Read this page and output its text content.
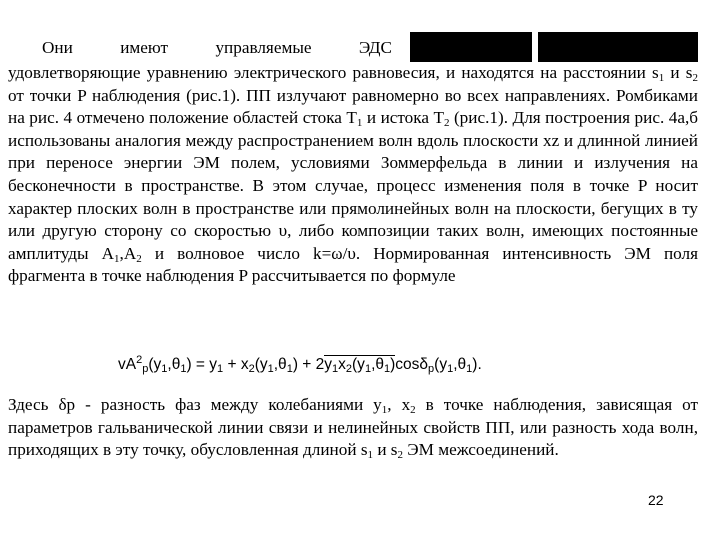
Они имеют управляемые ЭДС удовлетворяющие уравнению электрического равновесия, и находятся на расстоянии $s_1$ и $s_2$ от точки P наблюдения (рис.1). ПП излучают равномерно во всех направлениях. Ромбиками на рис. 4 отмечено положение областей стока $Т_1$ и истока $Т_2$ (рис.1). Для построения рис. 4а,б использованы аналогия между распространением волн вдоль плоскости xz и длинной линией при переносе энергии ЭМ полем, условиями Зоммерфельда в линии и излучения на бесконечности в пространстве. В этом случае, процесс изменения поля в точке P носит характер плоских волн в пространстве или прямолинейных волн на плоскости, бегущих в ту или другую сторону со скоростью υ, либо композиции таких волн, имеющих постоянные амплитуды $А_1,А_2$ и волновое число k=ω/υ. Нормированная интенсивность ЭМ поля фрагмента в точке наблюдения P рассчитывается по формуле

$vA^2_p(y_1,\theta_1) = y_1 + x_2(y_1,\theta_1) + 2y_1x_2(y_1,\theta_1)\cos\delta_p(y_1,\theta_1)$.

Здесь δp - разность фаз между колебаниями $y_1$, $x_2$ в точке наблюдения, зависящая от параметров гальванической линии связи и нелинейных свойств ПП, или разность хода волн, приходящих в эту точку, обусловленная длиной $s_1$ и $s_2$ ЭМ межсоединений.

22
